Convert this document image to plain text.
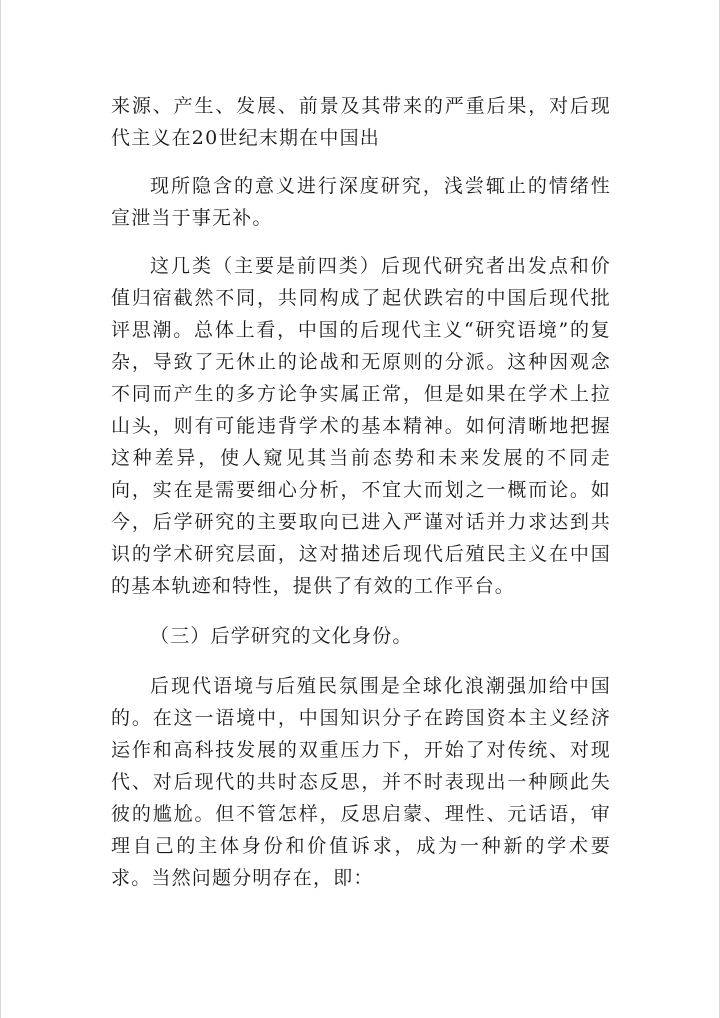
来源、产生、发展、前景及其带来的严重后果，对后现代主义在20世纪末期在中国出

现所隐含的意义进行深度研究，浅尝辄止的情绪性宣泄当于事无补。

这几类（主要是前四类）后现代研究者出发点和价值归宿截然不同，共同构成了起伏跌宕的中国后现代批评思潮。总体上看，中国的后现代主义“研究语境”的复杂，导致了无休止的论战和无原则的分派。这种因观念不同而产生的多方论争实属正常，但是如果在学术上拉山头，则有可能违背学术的基本精神。如何清晰地把握这种差异，使人窥见其当前态势和未来发展的不同走向，实在是需要细心分析，不宜大而划之一概而论。如今，后学研究的主要取向已进入严谨对话并力求达到共识的学术研究层面，这对描述后现代后殖民主义在中国的基本轨迹和特性，提供了有效的工作平台。

（三）后学研究的文化身份。

后现代语境与后殖民氛围是全球化浪潮强加给中国的。在这一语境中，中国知识分子在跨国资本主义经济运作和高科技发展的双重压力下，开始了对传统、对现代、对后现代的共时态反思，并不时表现出一种顾此失彼的尴尬。但不管怎样，反思启蒙、理性、元话语，审理自己的主体身份和价值诉求，成为一种新的学术要求。当然问题分明存在，即：
